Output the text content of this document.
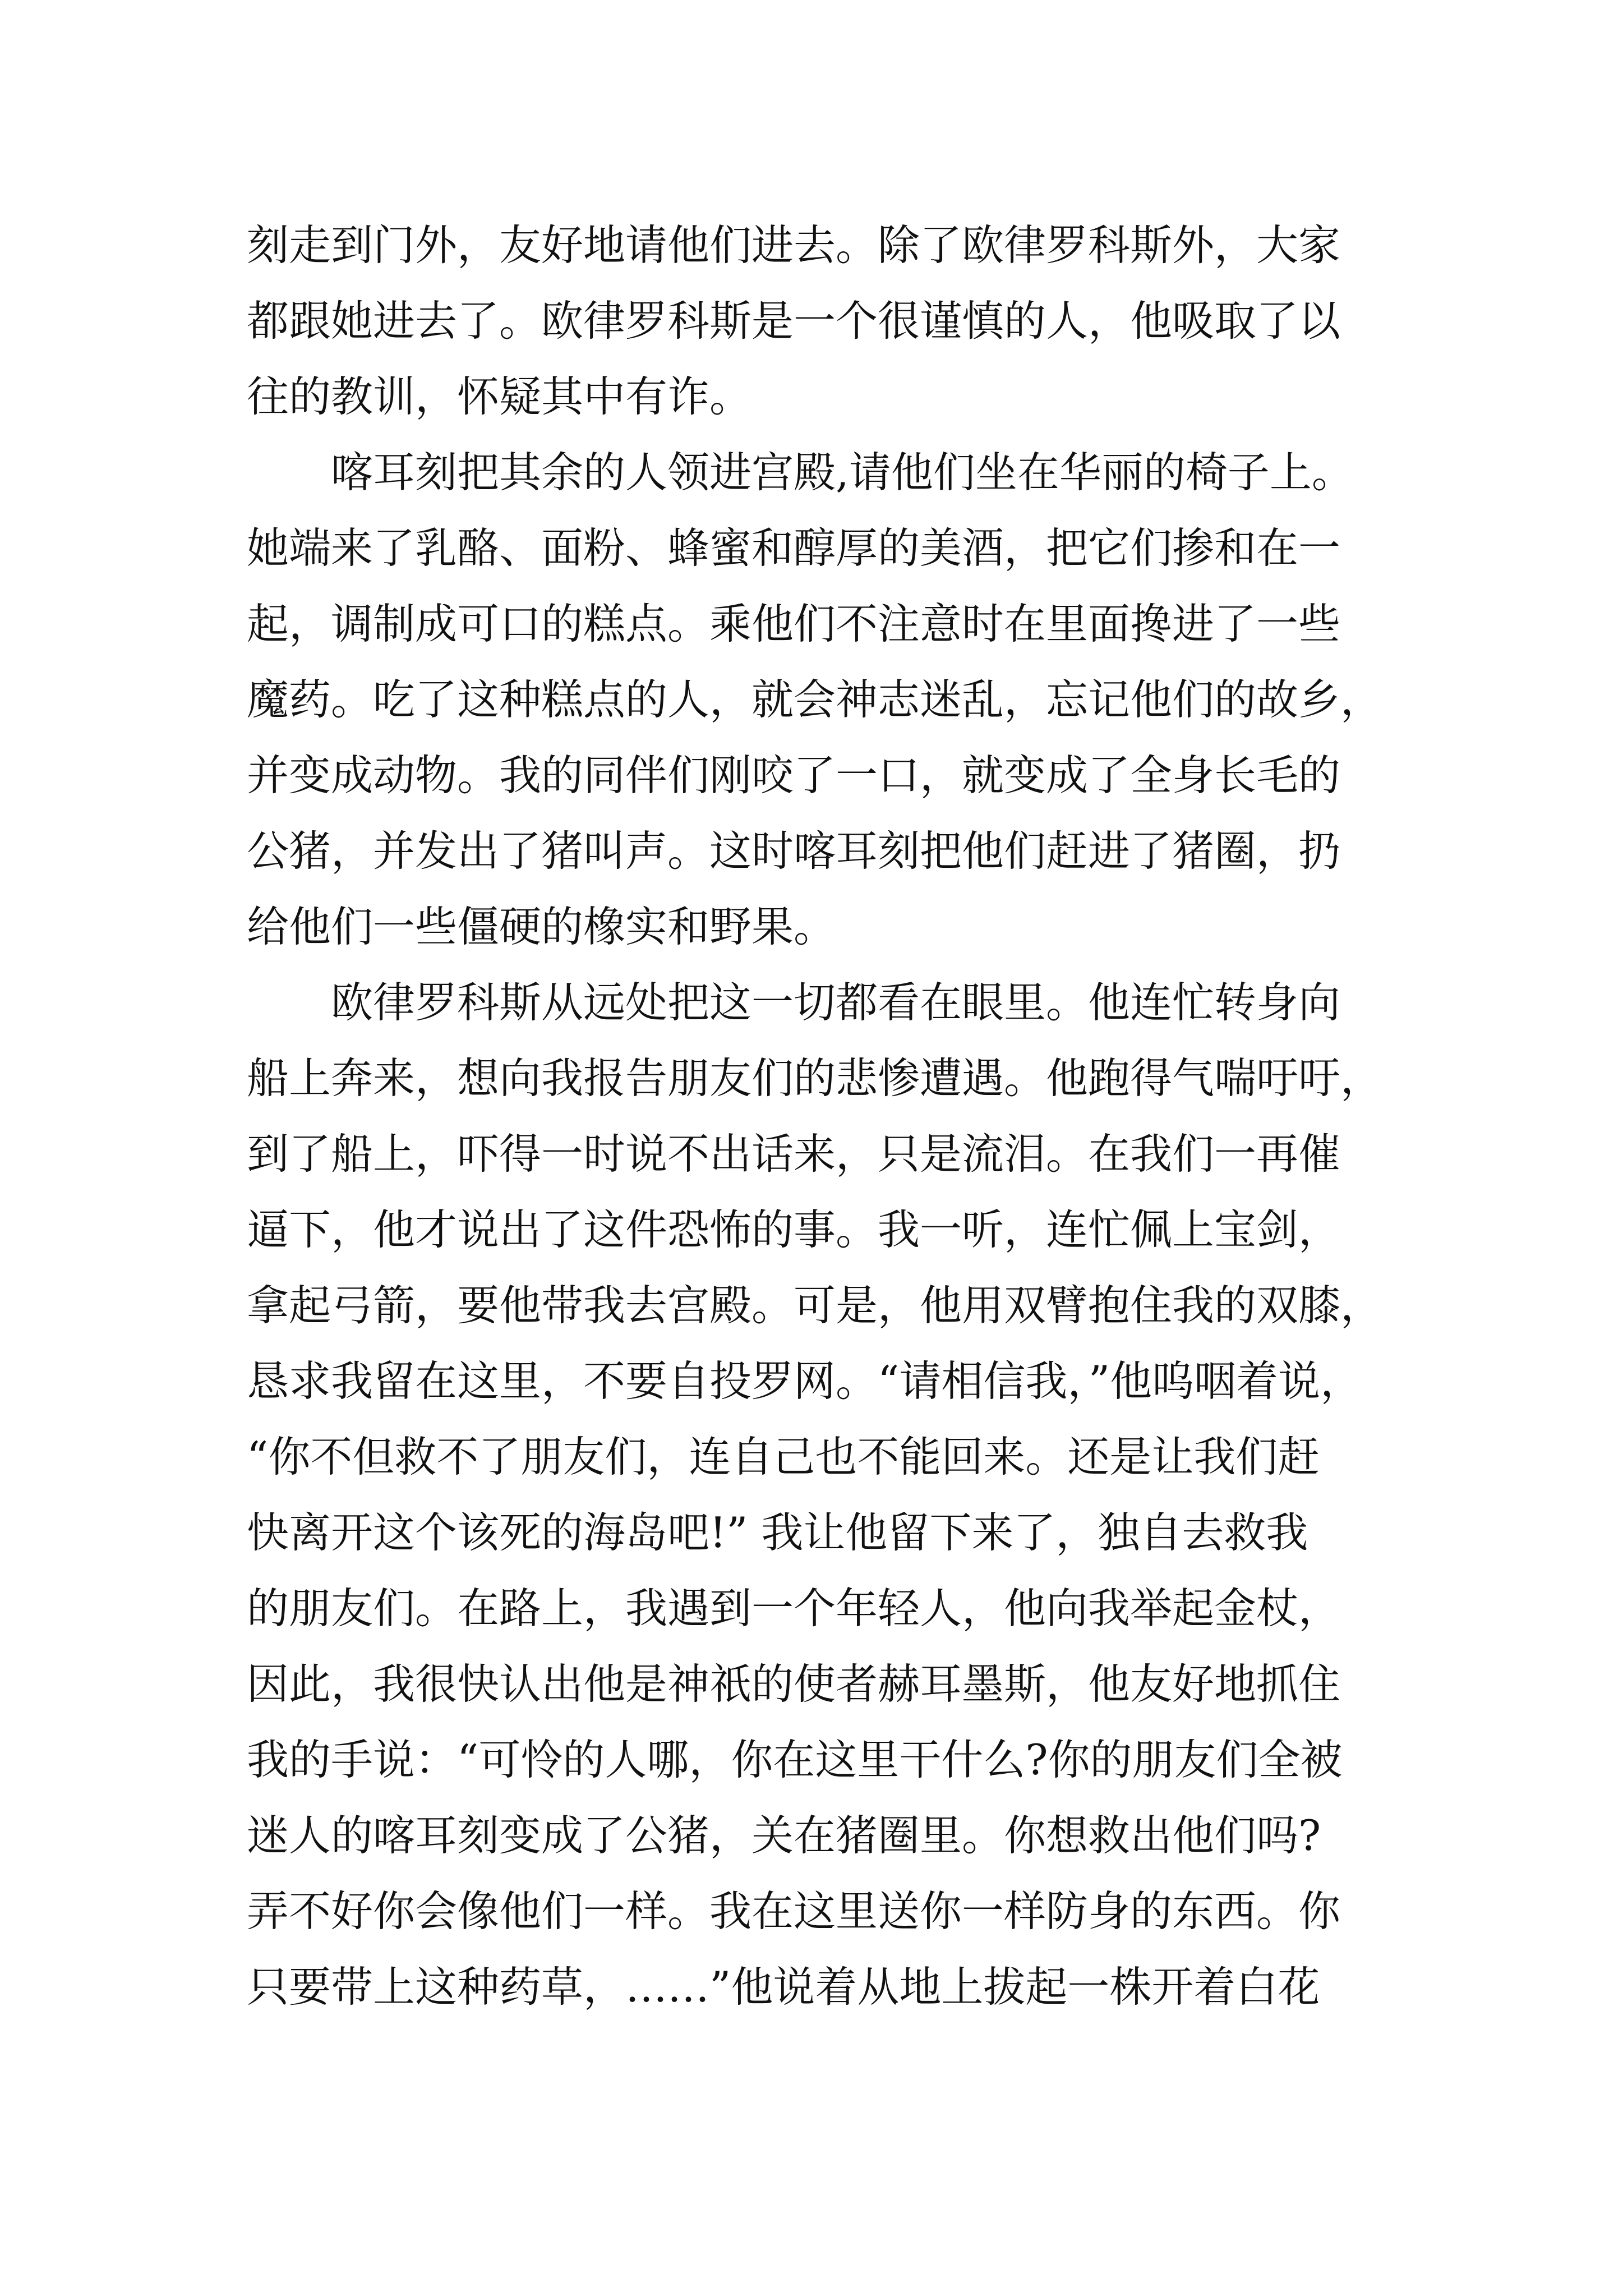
刻走到门外，友好地请他们进去。除了欧律罗科斯外，大家
都跟她进去了。欧律罗科斯是一个很谨慎的人，他吸取了以
往的教训，怀疑其中有诈。
喀耳刻把其余的人领进宫殿,请他们坐在华丽的椅子上。
她端来了乳酪、面粉、蜂蜜和醇厚的美酒，把它们掺和在一
起，调制成可口的糕点。乘他们不注意时在里面搀进了一些
魔药。吃了这种糕点的人，就会神志迷乱，忘记他们的故乡，
并变成动物。我的同伴们刚咬了一口，就变成了全身长毛的
公猪，并发出了猪叫声。这时喀耳刻把他们赶进了猪圈，扔
给他们一些僵硬的橡实和野果。
欧律罗科斯从远处把这一切都看在眼里。他连忙转身向
船上奔来，想向我报告朋友们的悲惨遭遇。他跑得气喘吁吁，
到了船上，吓得一时说不出话来，只是流泪。在我们一再催
逼下，他才说出了这件恐怖的事。我一听，连忙佩上宝剑，
拿起弓箭，要他带我去宫殿。可是，他用双臂抱住我的双膝，
恳求我留在这里，不要自投罗网。“请相信我，”他呜咽着说，
“你不但救不了朋友们，连自己也不能回来。还是让我们赶
快离开这个该死的海岛吧!” 我让他留下来了，独自去救我
的朋友们。在路上，我遇到一个年轻人，他向我举起金杖，
因此，我很快认出他是神祇的使者赫耳墨斯，他友好地抓住
我的手说：“可怜的人哪，你在这里干什么?你的朋友们全被
迷人的喀耳刻变成了公猪，关在猪圈里。你想救出他们吗?
弄不好你会像他们一样。我在这里送你一样防身的东西。你
只要带上这种药草，……”他说着从地上拔起一株开着白花
